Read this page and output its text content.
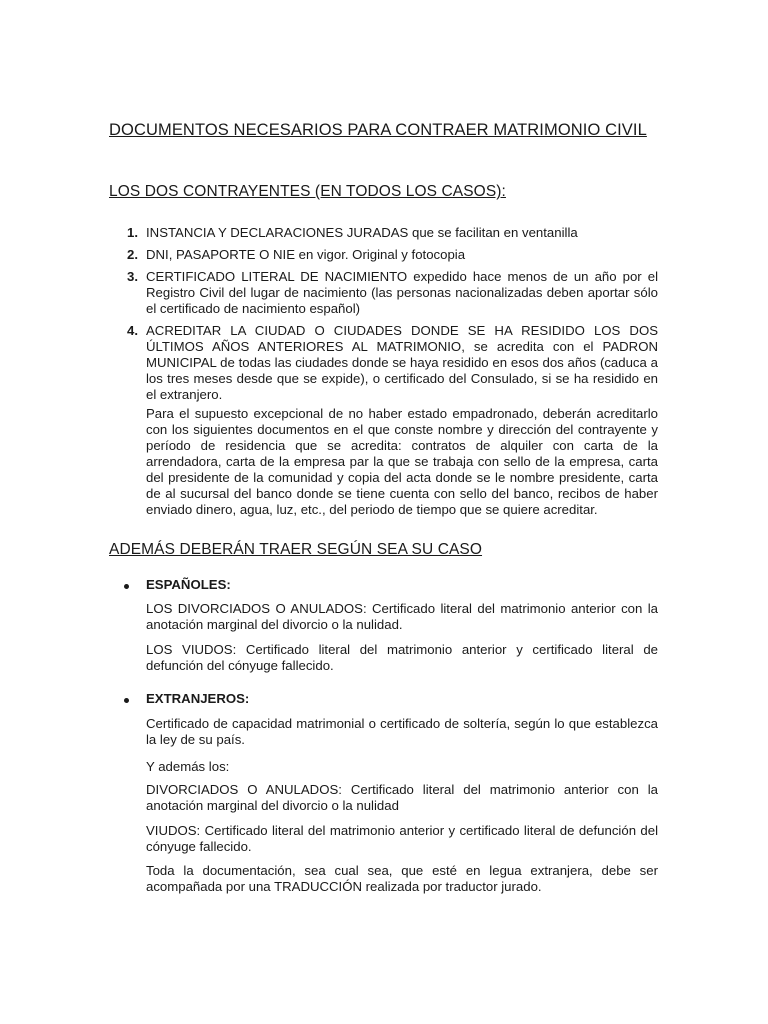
DOCUMENTOS NECESARIOS PARA CONTRAER MATRIMONIO CIVIL
LOS DOS CONTRAYENTES (EN TODOS LOS CASOS):
1. INSTANCIA Y DECLARACIONES JURADAS que se facilitan en ventanilla
2. DNI, PASAPORTE O NIE en vigor. Original y fotocopia
3. CERTIFICADO LITERAL DE NACIMIENTO expedido hace menos de un año por el Registro Civil del lugar de nacimiento (las personas nacionalizadas deben aportar sólo el certificado de nacimiento español)
4. ACREDITAR LA CIUDAD O CIUDADES DONDE SE HA RESIDIDO LOS DOS ÚLTIMOS AÑOS ANTERIORES AL MATRIMONIO, se acredita con el PADRON MUNICIPAL de todas las ciudades donde se haya residido en esos dos años (caduca a los tres meses desde que se expide), o certificado del Consulado, si se ha residido en el extranjero.

Para el supuesto excepcional de no haber estado empadronado, deberán acreditarlo con los siguientes documentos en el que conste nombre y dirección del contrayente y período de residencia que se acredita: contratos de alquiler con carta de la arrendadora, carta de la empresa par la que se trabaja con sello de la empresa, carta del presidente de la comunidad y copia del acta donde se le nombre presidente, carta de al sucursal del banco donde se tiene cuenta con sello del banco, recibos de haber enviado dinero, agua, luz, etc., del periodo de tiempo que se quiere acreditar.

ADEMÁS DEBERÁN TRAER SEGÚN SEA SU CASO
ESPAÑOLES:

LOS DIVORCIADOS O ANULADOS: Certificado literal del matrimonio anterior con la anotación marginal del divorcio o la nulidad.

LOS VIUDOS: Certificado literal del matrimonio anterior y certificado literal de defunción del cónyuge fallecido.

EXTRANJEROS:

Certificado de capacidad matrimonial o certificado de soltería, según lo que establezca la ley de su país.

Y además los:

DIVORCIADOS O ANULADOS: Certificado literal del matrimonio anterior con la anotación marginal del divorcio o la nulidad

VIUDOS: Certificado literal del matrimonio anterior y certificado literal de defunción del cónyuge fallecido.

Toda la documentación, sea cual sea, que esté en legua extranjera, debe ser acompañada por una TRADUCCIÓN realizada por traductor jurado.
